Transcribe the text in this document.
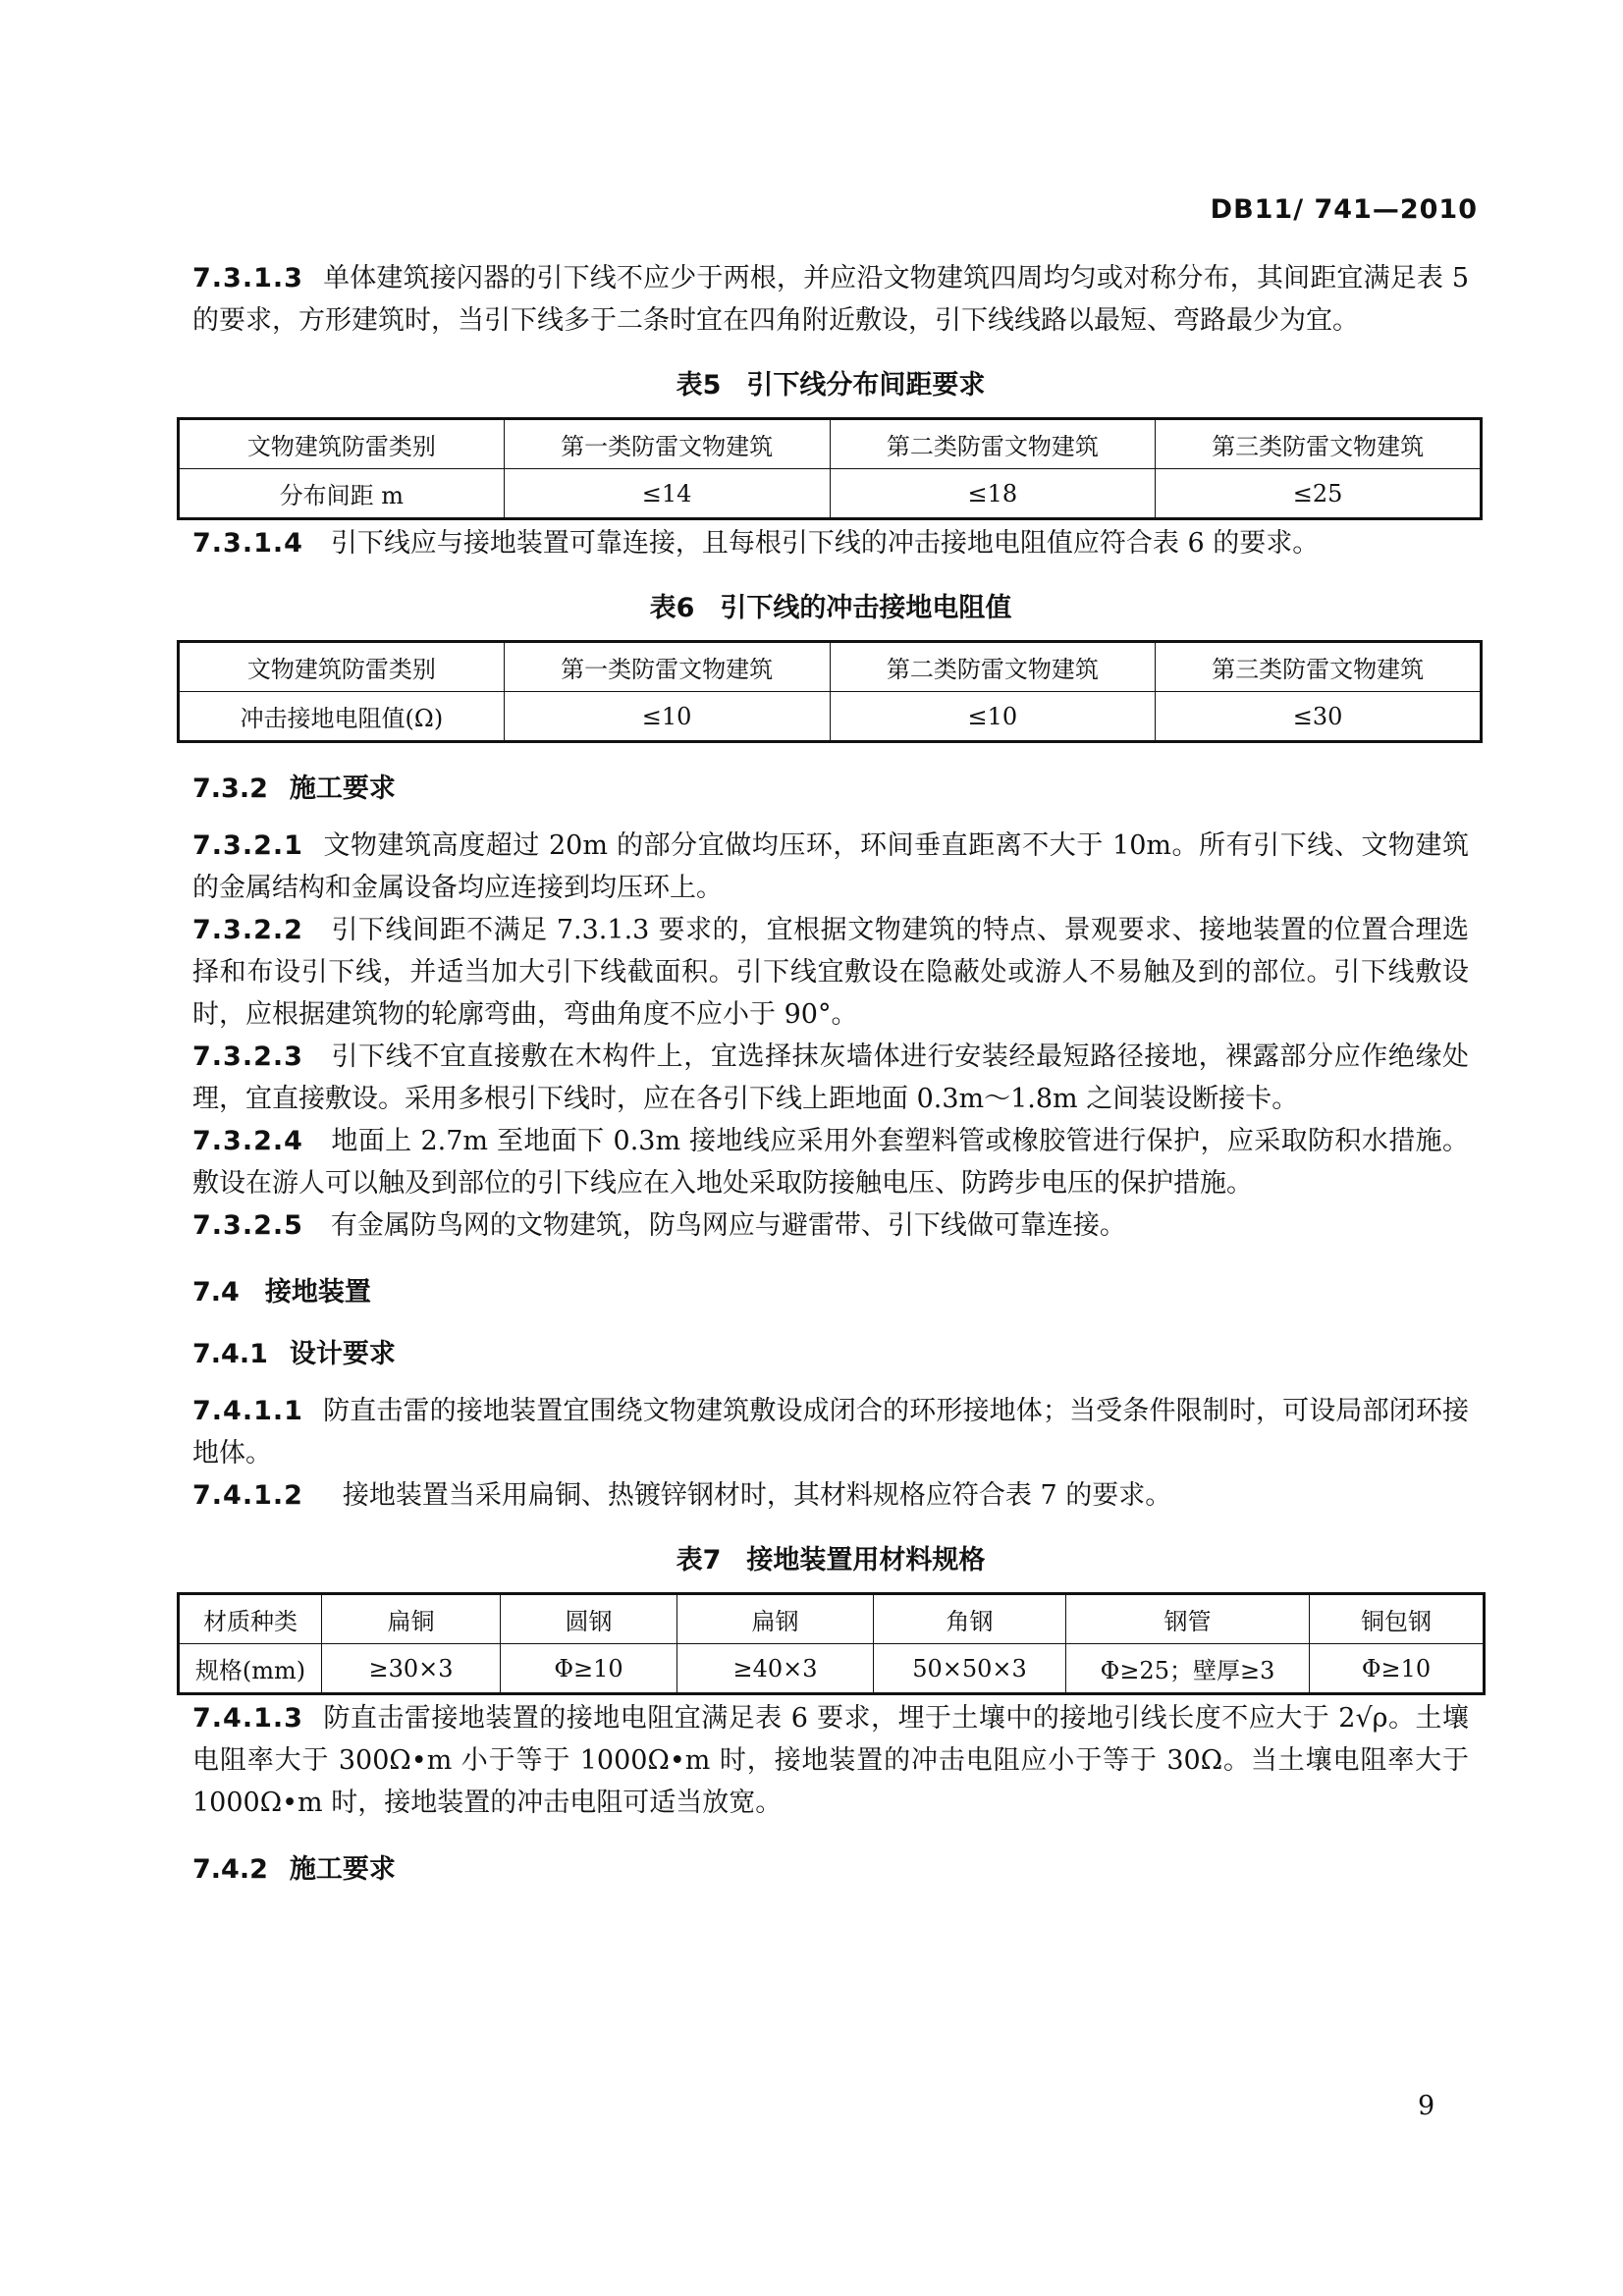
DB11/ 741—2010

7.3.1.3 单体建筑接闪器的引下线不应少于两根，并应沿文物建筑四周均匀或对称分布，其间距宜满足表 5 的要求，方形建筑时，当引下线多于二条时宜在四角附近敷设，引下线线路以最短、弯路最少为宜。

表5 引下线分布间距要求
文物建筑防雷类别	第一类防雷文物建筑	第二类防雷文物建筑	第三类防雷文物建筑
分布间距 m	≤14	≤18	≤25

7.3.1.4 引下线应与接地装置可靠连接，且每根引下线的冲击接地电阻值应符合表 6 的要求。

表6 引下线的冲击接地电阻值
文物建筑防雷类别	第一类防雷文物建筑	第二类防雷文物建筑	第三类防雷文物建筑
冲击接地电阻值(Ω)	≤10	≤10	≤30
7.3.2 施工要求

7.3.2.1 文物建筑高度超过 20m 的部分宜做均压环，环间垂直距离不大于 10m。所有引下线、文物建筑的金属结构和金属设备均应连接到均压环上。

7.3.2.2 引下线间距不满足 7.3.1.3 要求的，宜根据文物建筑的特点、景观要求、接地装置的位置合理选择和布设引下线，并适当加大引下线截面积。引下线宜敷设在隐蔽处或游人不易触及到的部位。引下线敷设时，应根据建筑物的轮廓弯曲，弯曲角度不应小于 90°。

7.3.2.3 引下线不宜直接敷在木构件上，宜选择抹灰墙体进行安装经最短路径接地，裸露部分应作绝缘处理，宜直接敷设。采用多根引下线时，应在各引下线上距地面 0.3m～1.8m 之间装设断接卡。

7.3.2.4 地面上 2.7m 至地面下 0.3m 接地线应采用外套塑料管或橡胶管进行保护，应采取防积水措施。敷设在游人可以触及到部位的引下线应在入地处采取防接触电压、防跨步电压的保护措施。

7.3.2.5 有金属防鸟网的文物建筑，防鸟网应与避雷带、引下线做可靠连接。

7.4 接地装置
7.4.1 设计要求

7.4.1.1 防直击雷的接地装置宜围绕文物建筑敷设成闭合的环形接地体；当受条件限制时，可设局部闭环接地体。

7.4.1.2 接地装置当采用扁铜、热镀锌钢材时，其材料规格应符合表 7 的要求。

表7 接地装置用材料规格
材质种类	扁铜	圆钢	扁钢	角钢	钢管	铜包钢
规格(mm)	≥30×3	Φ≥10	≥40×3	50×50×3	Φ≥25；壁厚≥3	Φ≥10

7.4.1.3 防直击雷接地装置的接地电阻宜满足表 6 要求，埋于土壤中的接地引线长度不应大于 2√ρ。土壤电阻率大于 300Ω•m 小于等于 1000Ω•m 时，接地装置的冲击电阻应小于等于 30Ω。当土壤电阻率大于 1000Ω•m 时，接地装置的冲击电阻可适当放宽。

7.4.2 施工要求
9
